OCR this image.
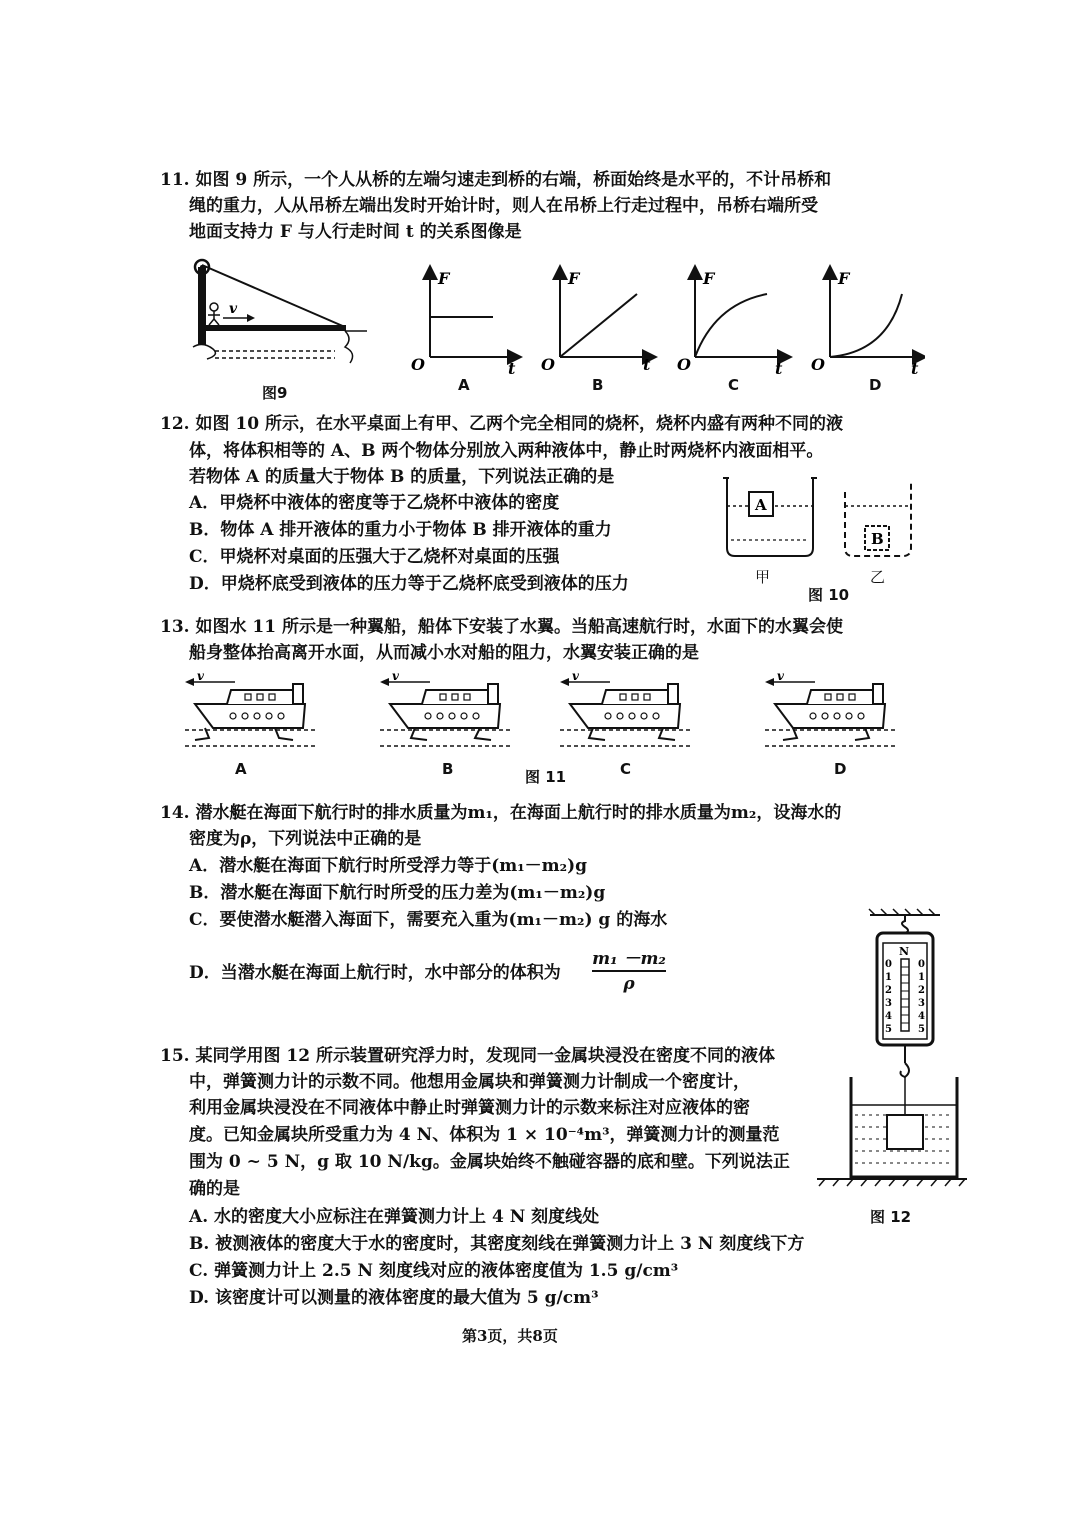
11. 如图 9 所示，一个人从桥的左端匀速走到桥的右端，桥面始终是水平的，不计吊桥和
绳的重力，人从吊桥左端出发时开始计时，则人在吊桥上行走过程中，吊桥右端所受
地面支持力 F 与人行走时间 t 的关系图像是
v
图9
F
O	t
F
O	t
F
O	t
F
O	t
A	B	C	D
12. 如图 10 所示，在水平桌面上有甲、乙两个完全相同的烧杯，烧杯内盛有两种不同的液
体，将体积相等的 A、B 两个物体分别放入两种液体中，静止时两烧杯内液面相平。
若物体 A 的质量大于物体 B 的质量，下列说法正确的是
A．甲烧杯中液体的密度等于乙烧杯中液体的密度
B．物体 A 排开液体的重力小于物体 B 排开液体的重力
C．甲烧杯对桌面的压强大于乙烧杯对桌面的压强
D．甲烧杯底受到液体的压力等于乙烧杯底受到液体的压力
A
B
甲	乙
图 10
13. 如图水 11 所示是一种翼船，船体下安装了水翼。当船高速航行时，水面下的水翼会使
船身整体抬高离开水面，从而减小水对船的阻力，水翼安装正确的是
v	v	v	v
A	B	图 11	C	D
14. 潜水艇在海面下航行时的排水质量为m₁，在海面上航行时的排水质量为m₂，设海水的
密度为ρ，下列说法中正确的是
A．潜水艇在海面下航行时所受浮力等于(m₁－m₂)g
B．潜水艇在海面下航行时所受的压力差为(m₁－m₂)g
C．要使潜水艇潜入海面下，需要充入重为(m₁－m₂) g 的海水
D．当潜水艇在海面上航行时，水中部分的体积为
m₁ －m₂
ρ
N
0
1
2
3
4
5
0
1
2
3
4
5
图 12
15. 某同学用图 12 所示装置研究浮力时，发现同一金属块浸没在密度不同的液体
中，弹簧测力计的示数不同。他想用金属块和弹簧测力计制成一个密度计，
利用金属块浸没在不同液体中静止时弹簧测力计的示数来标注对应液体的密
度。已知金属块所受重力为 4 N、体积为 1 × 10⁻⁴m³，弹簧测力计的测量范
围为 0 ~ 5 N，g 取 10 N/kg。金属块始终不触碰容器的底和壁。下列说法正
确的是
A. 水的密度大小应标注在弹簧测力计上 4 N 刻度线处
B. 被测液体的密度大于水的密度时，其密度刻线在弹簧测力计上 3 N 刻度线下方
C. 弹簧测力计上 2.5 N 刻度线对应的液体密度值为 1.5 g/cm³
D. 该密度计可以测量的液体密度的最大值为 5 g/cm³
第3页，共8页
